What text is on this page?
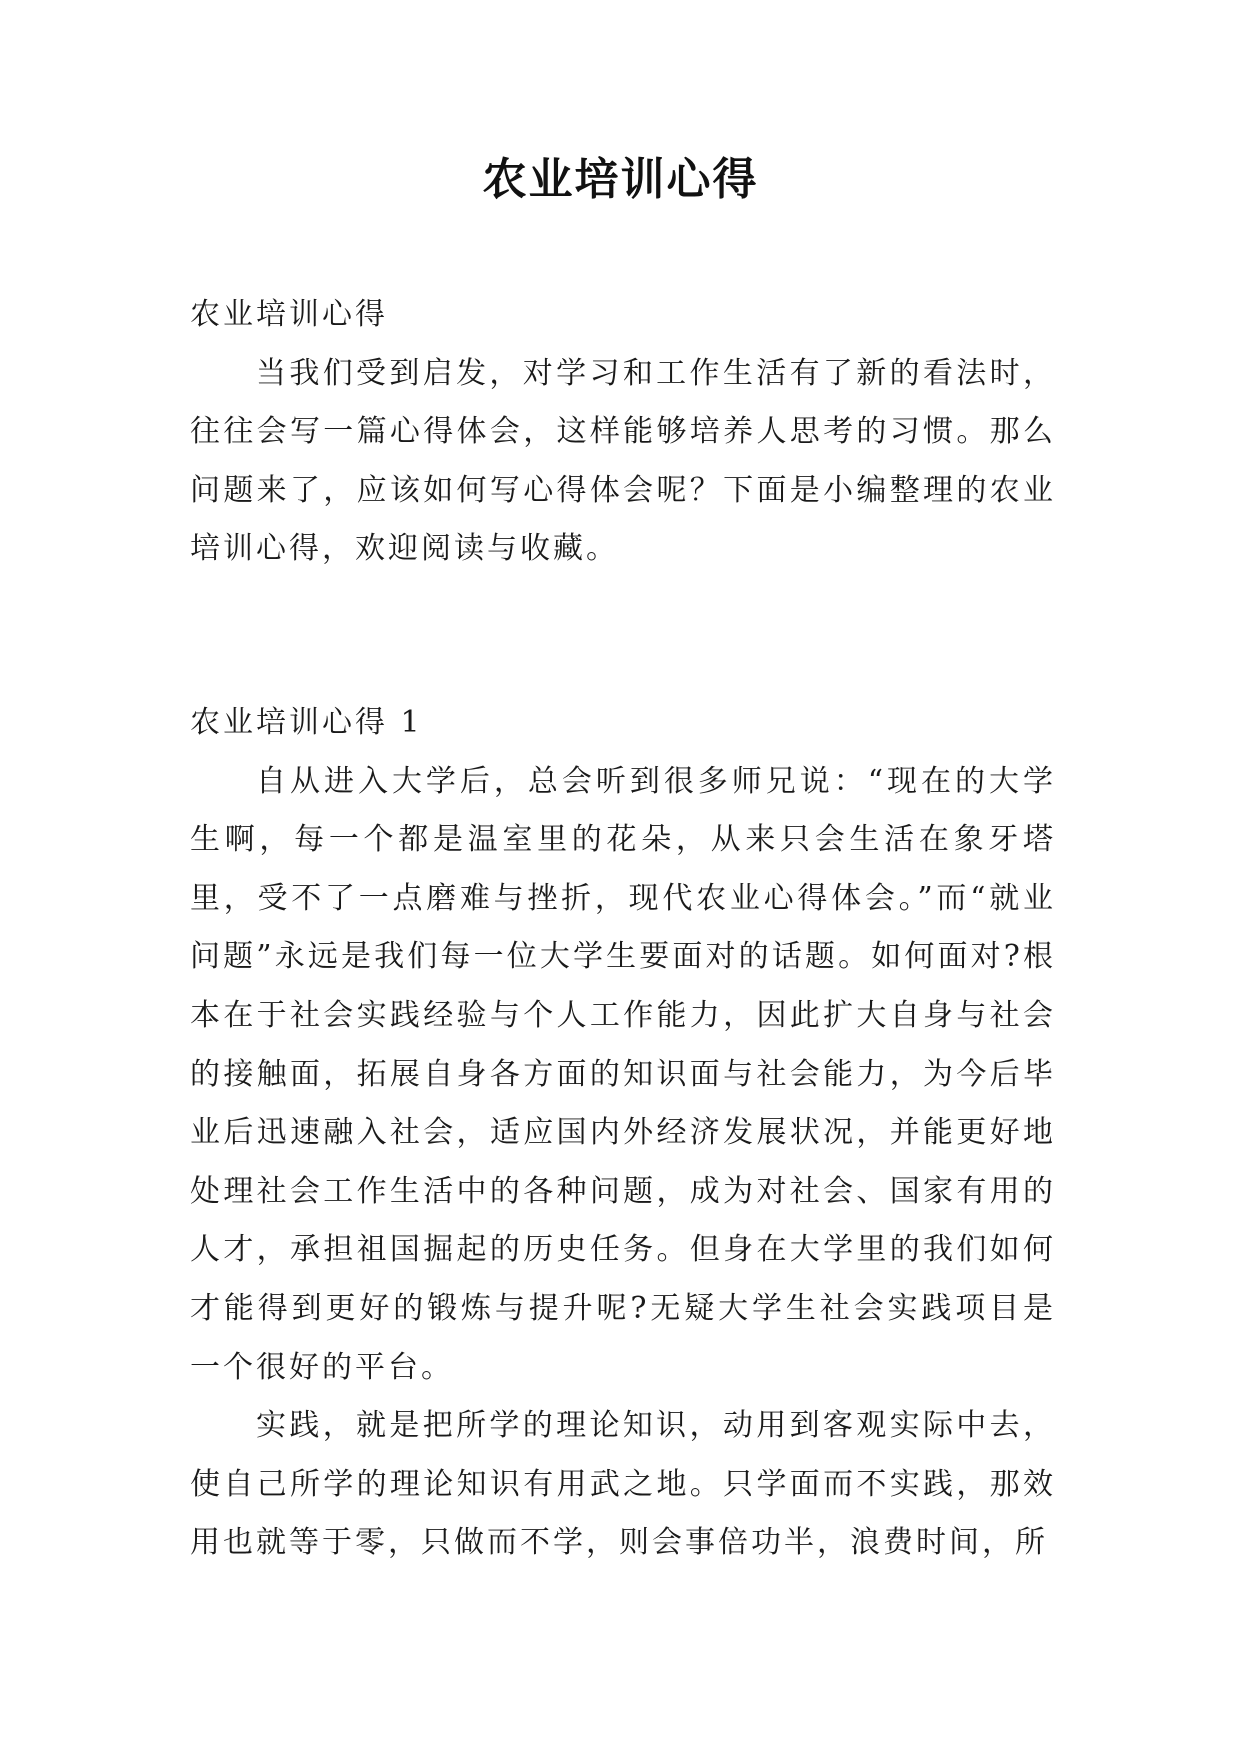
农业培训心得

农业培训心得

当我们受到启发，对学习和工作生活有了新的看法时，往往会写一篇心得体会，这样能够培养人思考的习惯。那么问题来了，应该如何写心得体会呢？下面是小编整理的农业培训心得，欢迎阅读与收藏。

农业培训心得 1

自从进入大学后，总会听到很多师兄说：“现在的大学生啊，每一个都是温室里的花朵，从来只会生活在象牙塔里，受不了一点磨难与挫折，现代农业心得体会。”而“就业问题”永远是我们每一位大学生要面对的话题。如何面对?根本在于社会实践经验与个人工作能力，因此扩大自身与社会的接触面，拓展自身各方面的知识面与社会能力，为今后毕业后迅速融入社会，适应国内外经济发展状况，并能更好地处理社会工作生活中的各种问题，成为对社会、国家有用的人才，承担祖国掘起的历史任务。但身在大学里的我们如何才能得到更好的锻炼与提升呢?无疑大学生社会实践项目是一个很好的平台。

实践，就是把所学的理论知识，动用到客观实际中去，使自己所学的理论知识有用武之地。只学面而不实践，那效用也就等于零，只做而不学，则会事倍功半，浪费时间，所
